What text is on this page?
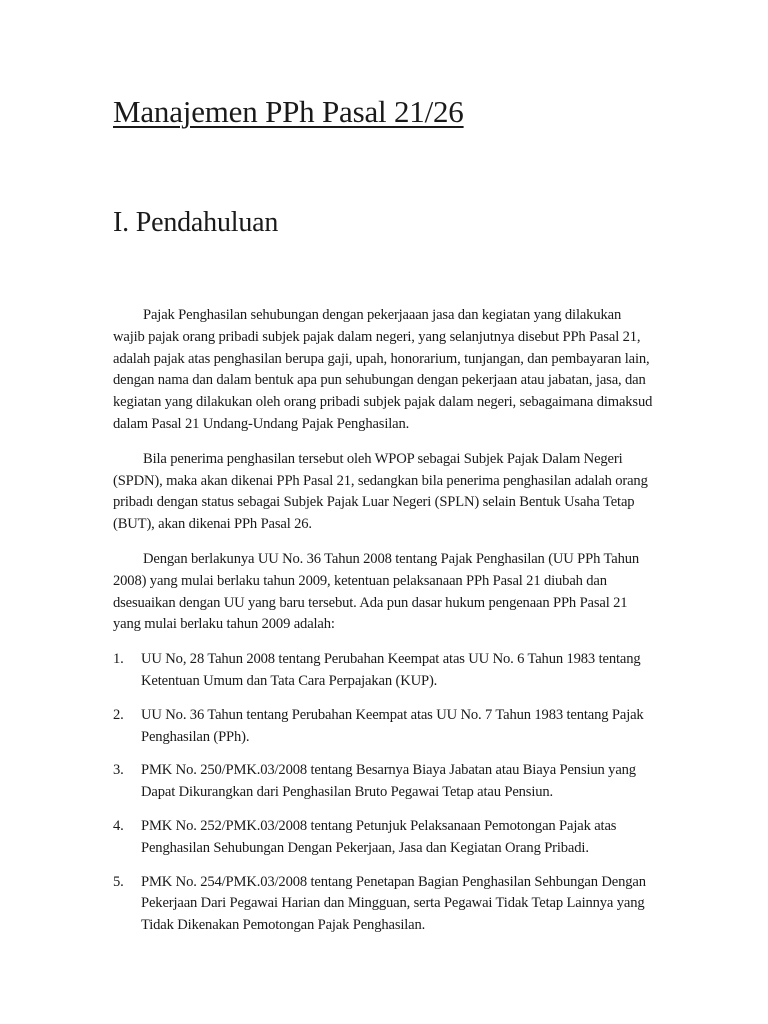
Manajemen PPh Pasal 21/26
I. Pendahuluan

Pajak Penghasilan sehubungan dengan pekerjaaan jasa dan kegiatan yang dilakukan wajib pajak orang pribadi subjek pajak dalam negeri, yang selanjutnya disebut PPh Pasal 21, adalah pajak atas penghasilan berupa gaji, upah, honorarium, tunjangan, dan pembayaran lain, dengan nama dan dalam bentuk apa pun sehubungan dengan pekerjaan atau jabatan, jasa, dan kegiatan yang dilakukan oleh orang pribadi subjek pajak dalam negeri, sebagaimana dimaksud dalam Pasal 21 Undang-Undang Pajak Penghasilan.

Bila penerima penghasilan tersebut oleh WPOP sebagai Subjek Pajak Dalam Negeri (SPDN), maka akan dikenai PPh Pasal 21, sedangkan bila penerima penghasilan adalah orang pribadı dengan status sebagai Subjek Pajak Luar Negeri (SPLN) selain Bentuk Usaha Tetap (BUT), akan dikenai PPh Pasal 26.

Dengan berlakunya UU No. 36 Tahun 2008 tentang Pajak Penghasilan (UU PPh Tahun 2008) yang mulai berlaku tahun 2009, ketentuan pelaksanaan PPh Pasal 21 diubah dan dsesuaikan dengan UU yang baru tersebut. Ada pun dasar hukum pengenaan PPh Pasal 21 yang mulai berlaku tahun 2009 adalah:

1. UU No, 28 Tahun 2008 tentang Perubahan Keempat atas UU No. 6 Tahun 1983 tentang Ketentuan Umum dan Tata Cara Perpajakan (KUP).
2. UU No. 36 Tahun tentang Perubahan Keempat atas UU No. 7 Tahun 1983 tentang Pajak Penghasilan (PPh).
3. PMK No. 250/PMK.03/2008 tentang Besarnya Biaya Jabatan atau Biaya Pensiun yang Dapat Dikurangkan dari Penghasilan Bruto Pegawai Tetap atau Pensiun.
4. PMK No. 252/PMK.03/2008 tentang Petunjuk Pelaksanaan Pemotongan Pajak atas Penghasilan Sehubungan Dengan Pekerjaan, Jasa dan Kegiatan Orang Pribadi.
5. PMK No. 254/PMK.03/2008 tentang Penetapan Bagian Penghasilan Sehbungan Dengan Pekerjaan Dari Pegawai Harian dan Mingguan, serta Pegawai Tidak Tetap Lainnya yang Tidak Dikenakan Pemotongan Pajak Penghasilan.
